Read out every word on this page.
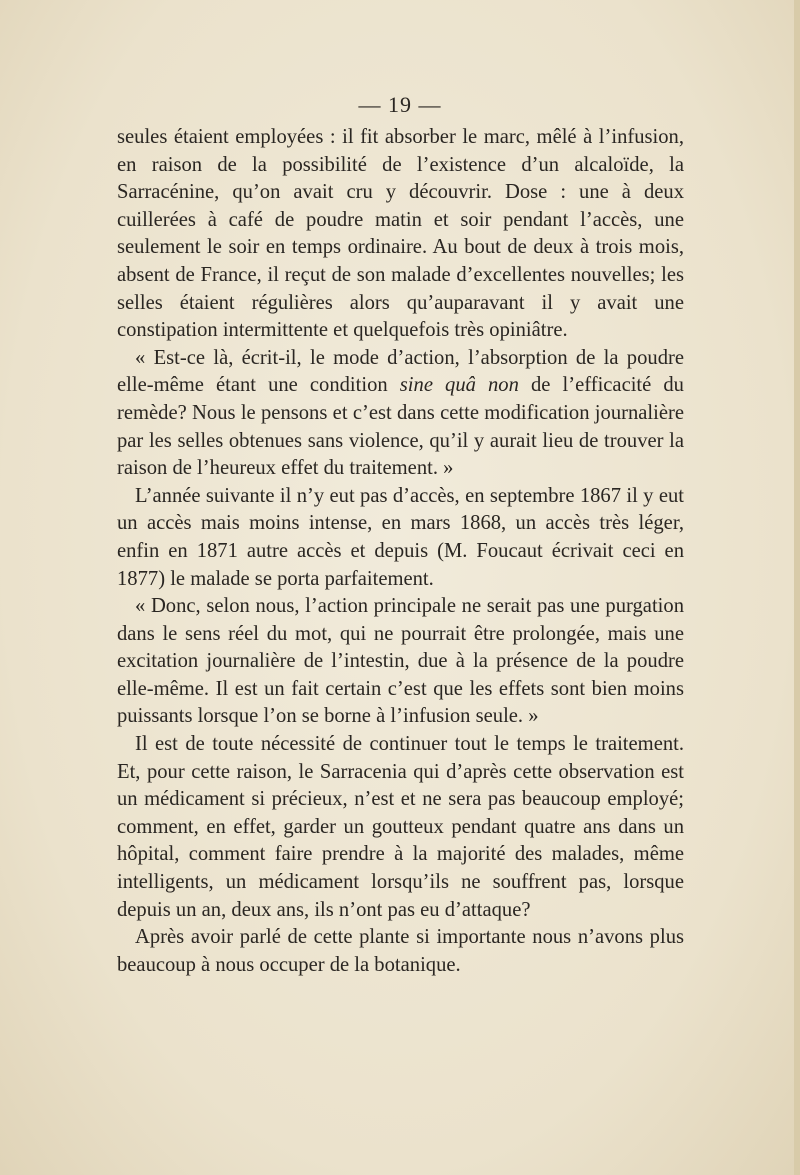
— 19 —

seules étaient employées : il fit absorber le marc, mêlé à l’infusion, en raison de la possibilité de l’existence d’un alcaloïde, la Sarracénine, qu’on avait cru y découvrir. Dose : une à deux cuillerées à café de poudre matin et soir pendant l’accès, une seulement le soir en temps ordinaire. Au bout de deux à trois mois, absent de France, il reçut de son malade d’excellentes nouvelles; les selles étaient régulières alors qu’auparavant il y avait une constipation intermittente et quelquefois très opiniâtre.

« Est-ce là, écrit-il, le mode d’action, l’absorption de la poudre elle-même étant une condition sine quâ non de l’efficacité du remède? Nous le pensons et c’est dans cette modification journalière par les selles obtenues sans violence, qu’il y aurait lieu de trouver la raison de l’heureux effet du traitement. »

L’année suivante il n’y eut pas d’accès, en septembre 1867 il y eut un accès mais moins intense, en mars 1868, un accès très léger, enfin en 1871 autre accès et depuis (M. Foucaut écrivait ceci en 1877) le malade se porta parfaitement.

« Donc, selon nous, l’action principale ne serait pas une purgation dans le sens réel du mot, qui ne pourrait être prolongée, mais une excitation journalière de l’intestin, due à la présence de la poudre elle-même. Il est un fait certain c’est que les effets sont bien moins puissants lorsque l’on se borne à l’infusion seule. »

Il est de toute nécessité de continuer tout le temps le traitement. Et, pour cette raison, le Sarracenia qui d’après cette observation est un médicament si précieux, n’est et ne sera pas beaucoup employé; comment, en effet, garder un goutteux pendant quatre ans dans un hôpital, comment faire prendre à la majorité des malades, même intelligents, un médicament lorsqu’ils ne souffrent pas, lorsque depuis un an, deux ans, ils n’ont pas eu d’attaque?

Après avoir parlé de cette plante si importante nous n’avons plus beaucoup à nous occuper de la botanique.
